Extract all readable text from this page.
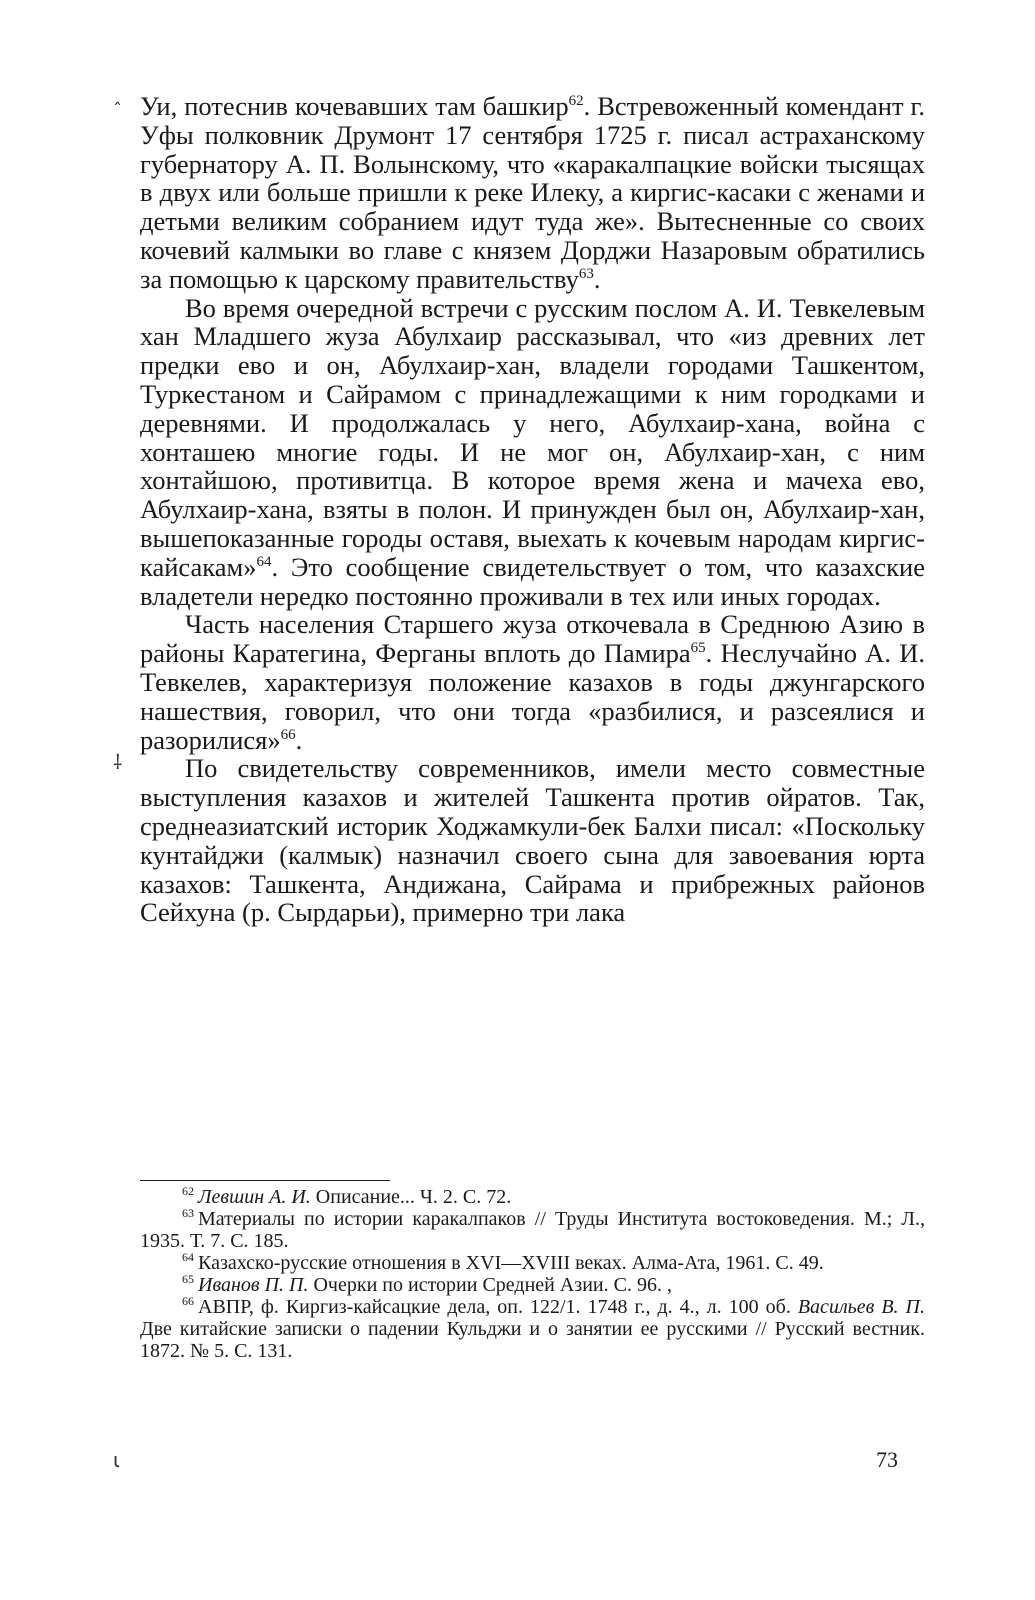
ˆ Уи, потеснив кочевавших там башкир$^{62}$. Встревоженный комендант г. Уфы полковник Друмонт 17 сентября 1725 г. писал астраханскому губернатору А. П. Волынскому, что «каракалпацкие войски тысящах в двух или больше пришли к реке Илеку, а киргис-касаки с женами и детьми великим собранием идут туда же». Вытесненные со своих кочевий калмыки во главе с князем Дорджи Назаровым обратились за помощью к царскому правительству$^{63}$.

Во время очередной встречи с русским послом А. И. Тевкелевым хан Младшего жуза Абулхаир рассказывал, что «из древних лет предки ево и он, Абулхаир-хан, владели городами Ташкентом, Туркестаном и Сайрамом с принадлежащими к ним городками и деревнями. И продолжалась у него, Абулхаир-хана, война с хонташею многие годы. И не мог он, Абулхаир-хан, с ним хонтайшою, противитца. В которое время жена и мачеха ево, Абулхаир-хана, взяты в полон. И принужден был он, Абулхаир-хан, вышепоказанные городы оставя, выехать к кочевым народам киргис-кайсакам»$^{64}$. Это сообщение свидетельствует о том, что казахские владетели нередко постоянно проживали в тех или иных городах.

Часть населения Старшего жуза откочевала в Среднюю Азию в районы Каратегина, Ферганы вплоть до Памира$^{65}$. Неслучайно А. И. Тевкелев, характеризуя положение казахов в годы джунгарского нашествия, говорил, что они тогда «разбилися, и разсеялися и разорилися»$^{66}$.

По свидетельству современников, имели место совместные выступления казахов и жителей Ташкента против ойратов. Так, среднеазиатский историк Ходжамкули-бек Балхи писал: «Поскольку кунтайджи (калмык) назначил своего сына для завоевания юрта казахов: Ташкента, Андижана, Сайрама и прибрежных районов Сейхуна (р. Сырдарьи), примерно три лака

⸸

$^{62}$ Левшин А. И. Описание... Ч. 2. С. 72.

$^{63}$ Материалы по истории каракалпаков // Труды Института востоковедения. М.; Л., 1935. Т. 7. С. 185.

$^{64}$ Казахско-русские отношения в XVI—XVIII веках. Алма-Ата, 1961. С. 49.

$^{65}$ Иванов П. П. Очерки по истории Средней Азии. С. 96. ,

$^{66}$ АВПР, ф. Киргиз-кайсацкие дела, оп. 122/1. 1748 г., д. 4., л. 100 об. Васильев В. П. Две китайские записки о падении Кульджи и о занятии ее русскими // Русский вестник. 1872. № 5. С. 131.

73
ι
